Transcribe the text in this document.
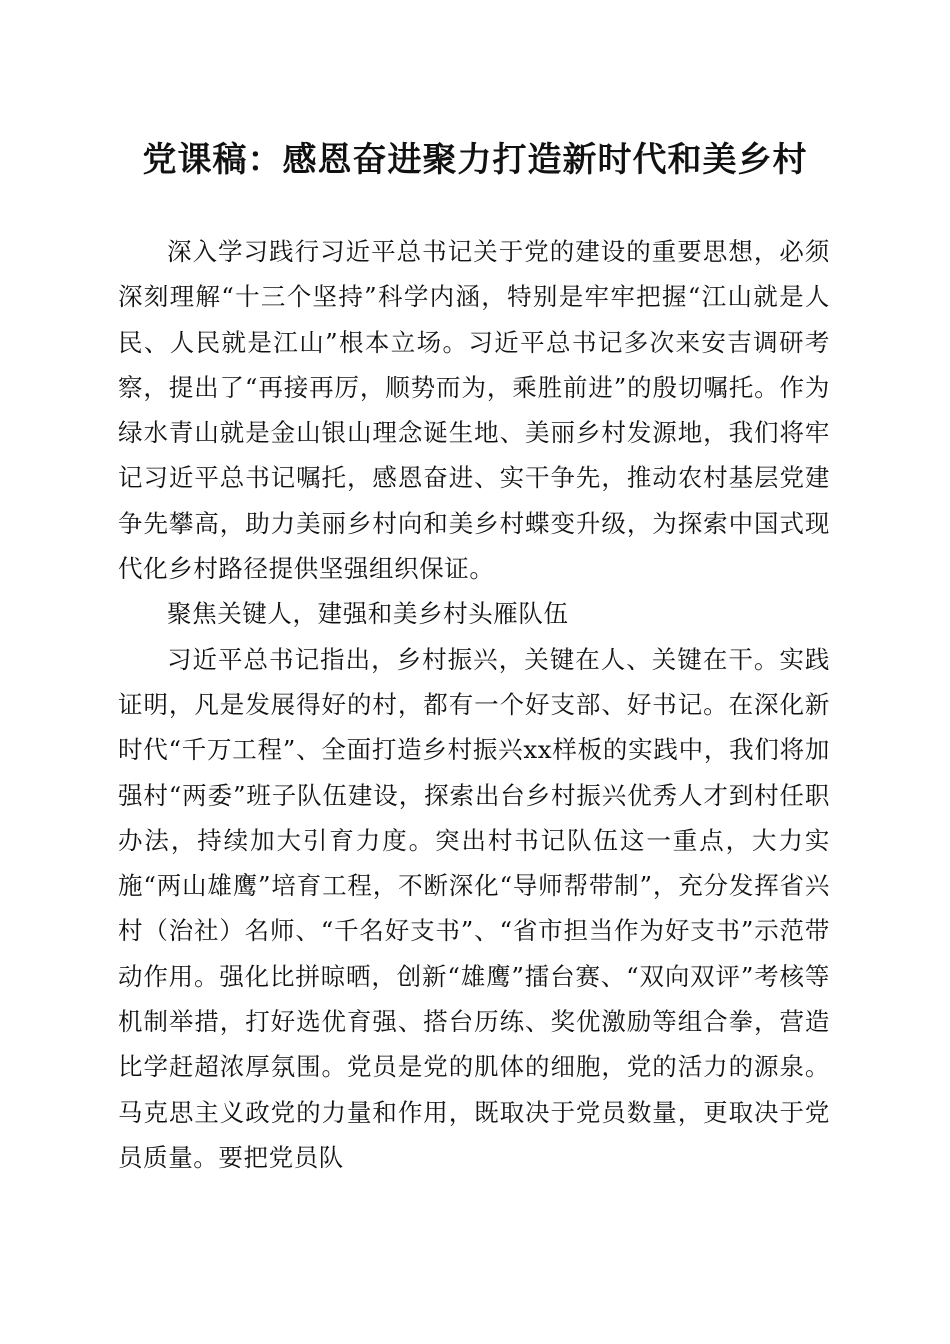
党课稿：感恩奋进聚力打造新时代和美乡村

深入学习践行习近平总书记关于党的建设的重要思想，必须深刻理解“十三个坚持”科学内涵，特别是牢牢把握“江山就是人民、人民就是江山”根本立场。习近平总书记多次来安吉调研考察，提出了“再接再厉，顺势而为，乘胜前进”的殷切嘱托。作为绿水青山就是金山银山理念诞生地、美丽乡村发源地，我们将牢记习近平总书记嘱托，感恩奋进、实干争先，推动农村基层党建争先攀高，助力美丽乡村向和美乡村蝶变升级，为探索中国式现代化乡村路径提供坚强组织保证。

聚焦关键人，建强和美乡村头雁队伍

习近平总书记指出，乡村振兴，关键在人、关键在干。实践证明，凡是发展得好的村，都有一个好支部、好书记。在深化新时代“千万工程”、全面打造乡村振兴xx样板的实践中，我们将加强村“两委”班子队伍建设，探索出台乡村振兴优秀人才到村任职办法，持续加大引育力度。突出村书记队伍这一重点，大力实施“两山雄鹰”培育工程，不断深化“导师帮带制”，充分发挥省兴村（治社）名师、“千名好支书”、“省市担当作为好支书”示范带动作用。强化比拼晾晒，创新“雄鹰”擂台赛、“双向双评”考核等机制举措，打好选优育强、搭台历练、奖优激励等组合拳，营造比学赶超浓厚氛围。党员是党的肌体的细胞，党的活力的源泉。马克思主义政党的力量和作用，既取决于党员数量，更取决于党员质量。要把党员队
